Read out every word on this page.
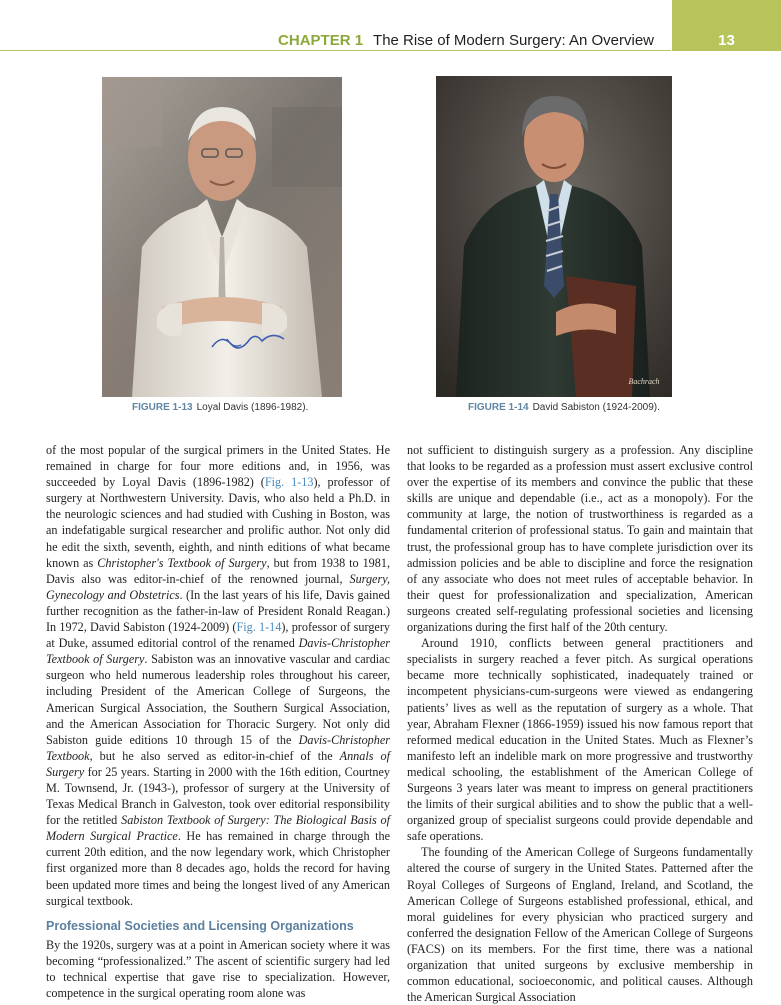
CHAPTER 1 The Rise of Modern Surgery: An Overview	13
Bachrach
FIGURE 1-13 Loyal Davis (1896-1982).	FIGURE 1-14 David Sabiston (1924-2009).

of the most popular of the surgical primers in the United States. He remained in charge for four more editions and, in 1956, was succeeded by Loyal Davis (1896-1982) (Fig. 1-13), professor of surgery at Northwestern University. Davis, who also held a Ph.D. in the neurologic sciences and had studied with Cushing in Boston, was an indefatigable surgical researcher and prolific author. Not only did he edit the sixth, seventh, eighth, and ninth editions of what became known as Christopher's Textbook of Surgery, but from 1938 to 1981, Davis also was editor-in-chief of the renowned journal, Surgery, Gynecology and Obstetrics. (In the last years of his life, Davis gained further recognition as the father-in-law of President Ronald Reagan.) In 1972, David Sabiston (1924-2009) (Fig. 1-14), professor of surgery at Duke, assumed editorial control of the renamed Davis-Christopher Textbook of Surgery. Sabiston was an innovative vascular and cardiac surgeon who held numerous leadership roles throughout his career, including President of the American College of Surgeons, the American Surgical Association, the Southern Surgical Association, and the American Association for Thoracic Surgery. Not only did Sabiston guide editions 10 through 15 of the Davis-Christopher Textbook, but he also served as editor-in-chief of the Annals of Surgery for 25 years. Starting in 2000 with the 16th edition, Courtney M. Townsend, Jr. (1943-), professor of surgery at the University of Texas Medical Branch in Galveston, took over editorial responsibility for the retitled Sabiston Textbook of Surgery: The Biological Basis of Modern Surgical Practice. He has remained in charge through the current 20th edition, and the now legendary work, which Christopher first organized more than 8 decades ago, holds the record for having been updated more times and being the longest lived of any American surgical textbook.

Professional Societies and Licensing Organizations

By the 1920s, surgery was at a point in American society where it was becoming “professionalized.” The ascent of scientific surgery had led to technical expertise that gave rise to specialization. However, competence in the surgical operating room alone was

not sufficient to distinguish surgery as a profession. Any discipline that looks to be regarded as a profession must assert exclusive control over the expertise of its members and convince the public that these skills are unique and dependable (i.e., act as a monopoly). For the community at large, the notion of trustworthiness is regarded as a fundamental criterion of professional status. To gain and maintain that trust, the professional group has to have complete jurisdiction over its admission policies and be able to discipline and force the resignation of any associate who does not meet rules of acceptable behavior. In their quest for professionalization and specialization, American surgeons created self-regulating professional societies and licensing organizations during the first half of the 20th century.

Around 1910, conflicts between general practitioners and specialists in surgery reached a fever pitch. As surgical operations became more technically sophisticated, inadequately trained or incompetent physicians-cum-surgeons were viewed as endangering patients’ lives as well as the reputation of surgery as a whole. That year, Abraham Flexner (1866-1959) issued his now famous report that reformed medical education in the United States. Much as Flexner’s manifesto left an indelible mark on more progressive and trustworthy medical schooling, the establishment of the American College of Surgeons 3 years later was meant to impress on general practitioners the limits of their surgical abilities and to show the public that a well-organized group of specialist surgeons could provide dependable and safe operations.

The founding of the American College of Surgeons fundamentally altered the course of surgery in the United States. Patterned after the Royal Colleges of Surgeons of England, Ireland, and Scotland, the American College of Surgeons established professional, ethical, and moral guidelines for every physician who practiced surgery and conferred the designation Fellow of the American College of Surgeons (FACS) on its members. For the first time, there was a national organization that united surgeons by exclusive membership in common educational, socioeconomic, and political causes. Although the American Surgical Association
